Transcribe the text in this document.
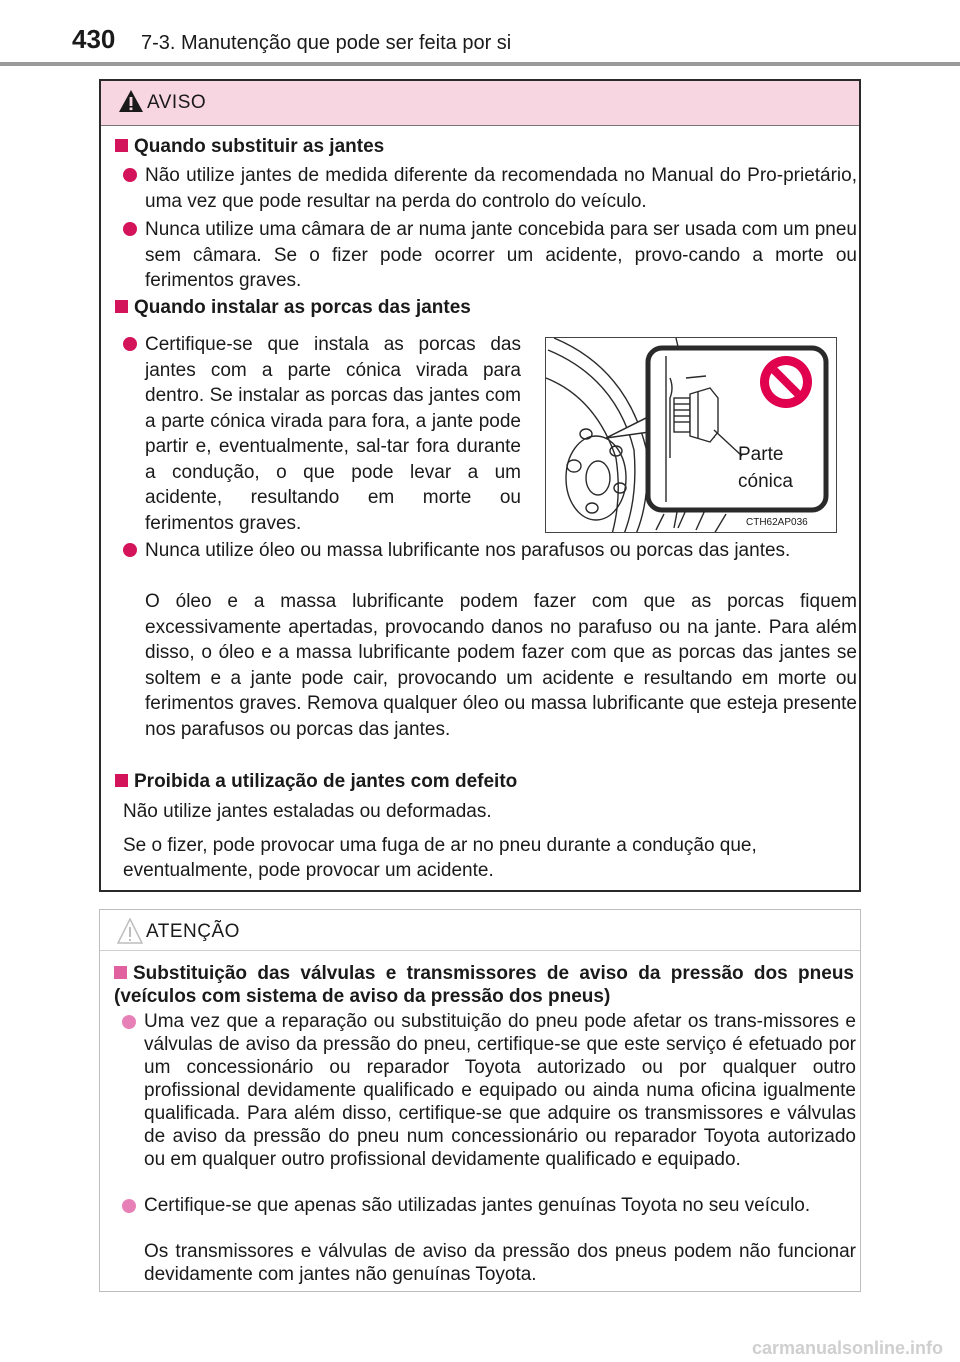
430 7-3. Manutenção que pode ser feita por si
AVISO
Quando substituir as jantes
Não utilize jantes de medida diferente da recomendada no Manual do Pro-prietário, uma vez que pode resultar na perda do controlo do veículo.
Nunca utilize uma câmara de ar numa jante concebida para ser usada com um pneu sem câmara. Se o fizer pode ocorrer um acidente, provo-cando a morte ou ferimentos graves.
Quando instalar as porcas das jantes
Certifique-se que instala as porcas das jantes com a parte cónica virada para dentro. Se instalar as porcas das jantes com a parte cónica virada para fora, a jante pode partir e, eventualmente, sal-tar fora durante a condução, o que pode levar a um acidente, resultando em morte ou ferimentos graves.
Parte
cónica
CTH62AP036
Nunca utilize óleo ou massa lubrificante nos parafusos ou porcas das jantes.
O óleo e a massa lubrificante podem fazer com que as porcas fiquem excessivamente apertadas, provocando danos no parafuso ou na jante. Para além disso, o óleo e a massa lubrificante podem fazer com que as porcas das jantes se soltem e a jante pode cair, provocando um acidente e resultando em morte ou ferimentos graves. Remova qualquer óleo ou massa lubrificante que esteja presente nos parafusos ou porcas das jantes.
Proibida a utilização de jantes com defeito
Não utilize jantes estaladas ou deformadas.
Se o fizer, pode provocar uma fuga de ar no pneu durante a condução que, eventualmente, pode provocar um acidente.
ATENÇÃO
Substituição das válvulas e transmissores de aviso da pressão dos pneus (veículos com sistema de aviso da pressão dos pneus)
Uma vez que a reparação ou substituição do pneu pode afetar os trans-missores e válvulas de aviso da pressão do pneu, certifique-se que este serviço é efetuado por um concessionário ou reparador Toyota autorizado ou por qualquer outro profissional devidamente qualificado e equipado ou ainda numa oficina igualmente qualificada. Para além disso, certifique-se que adquire os transmissores e válvulas de aviso da pressão do pneu num concessionário ou reparador Toyota autorizado ou em qualquer outro profissional devidamente qualificado e equipado.
Certifique-se que apenas são utilizadas jantes genuínas Toyota no seu veículo.
Os transmissores e válvulas de aviso da pressão dos pneus podem não funcionar devidamente com jantes não genuínas Toyota.
carmanualsonline.info
